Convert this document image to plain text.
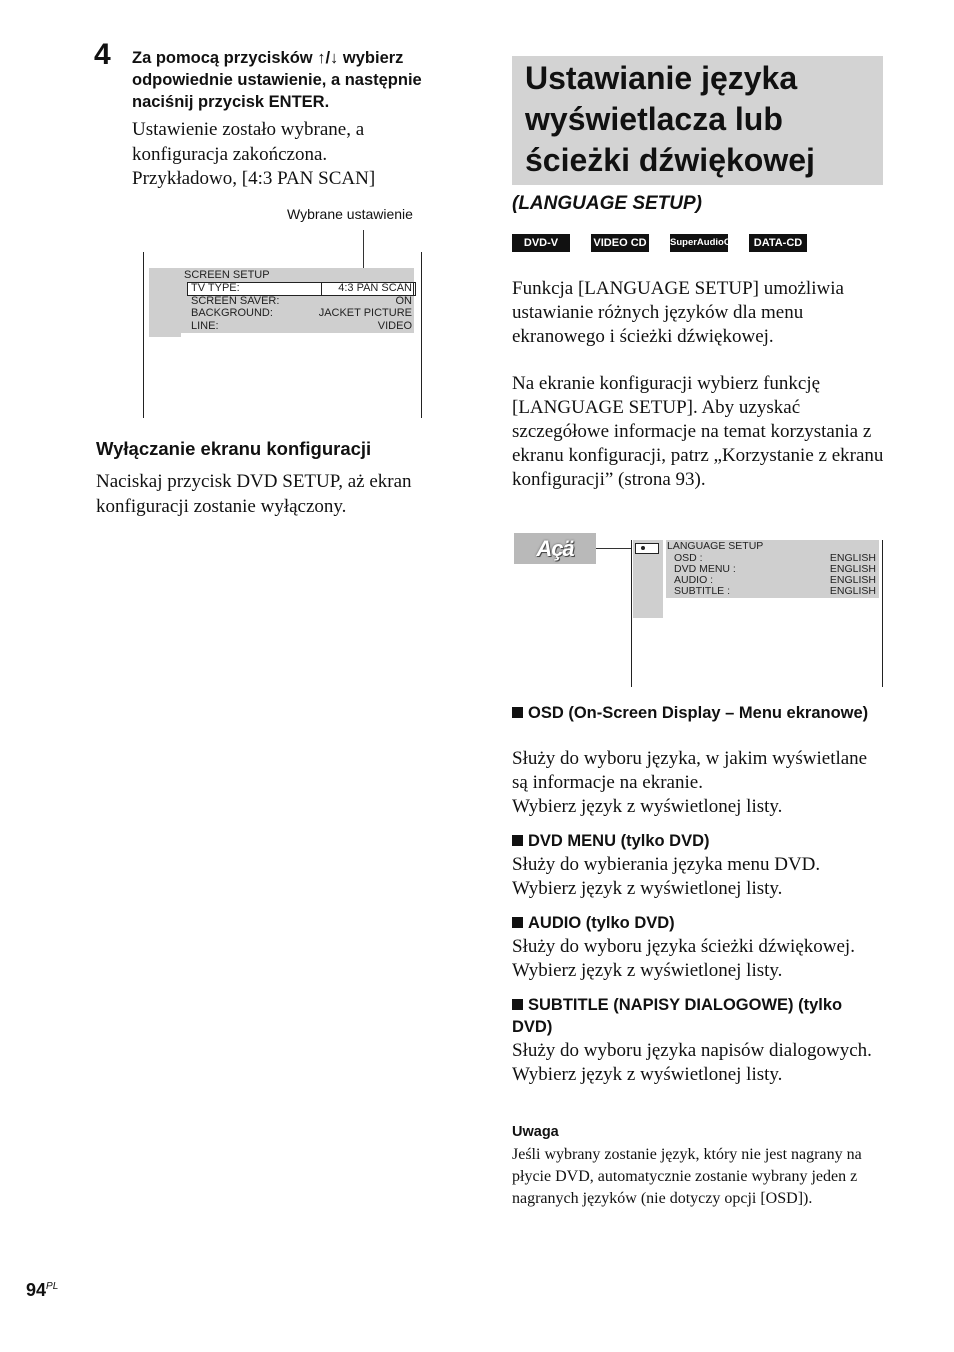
4 Za pomocą przycisków ↑/↓ wybierz odpowiednie ustawienie, a następnie naciśnij przycisk ENTER.
Ustawienie zostało wybrane, a
konfiguracja zakończona.
Przykładowo, [4:3 PAN SCAN]
Wybrane ustawienie
SCREEN SETUP
TV TYPE:	4:3 PAN SCAN
SCREEN SAVER:	ON
BACKGROUND:	JACKET PICTURE
LINE:	VIDEO
Wyłączanie ekranu konfiguracji
Naciskaj przycisk DVD SETUP, aż ekran konfiguracji zostanie wyłączony.
Ustawianie języka wyświetlacza lub ścieżki dźwiękowej
(LANGUAGE SETUP)
DVD-V	VIDEO CD SuperAudioCD	DATA-CD
Funkcja [LANGUAGE SETUP] umożliwia ustawianie różnych języków dla menu ekranowego i ścieżki dźwiękowej.
Na ekranie konfiguracji wybierz funkcję [LANGUAGE SETUP]. Aby uzyskać szczegółowe informacje na temat korzystania z ekranu konfiguracji, patrz „Korzystanie z ekranu konfiguracji” (strona 93).
Açä	LANGUAGE SETUP
OSD :	ENGLISH
DVD MENU :	ENGLISH
AUDIO :	ENGLISH
SUBTITLE :	ENGLISH
OSD (On-Screen Display – Menu ekranowe)
Służy do wyboru języka, w jakim wyświetlane są informacje na ekranie.
Wybierz język z wyświetlonej listy.
DVD MENU (tylko DVD)
Służy do wybierania języka menu DVD.
Wybierz język z wyświetlonej listy.
AUDIO (tylko DVD)
Służy do wyboru języka ścieżki dźwiękowej.
Wybierz język z wyświetlonej listy.
SUBTITLE (NAPISY DIALOGOWE) (tylko DVD)
Służy do wyboru języka napisów dialogowych.
Wybierz język z wyświetlonej listy.
Uwaga
Jeśli wybrany zostanie język, który nie jest nagrany na płycie DVD, automatycznie zostanie wybrany jeden z nagranych języków (nie dotyczy opcji [OSD]).
$94^{PL}$
